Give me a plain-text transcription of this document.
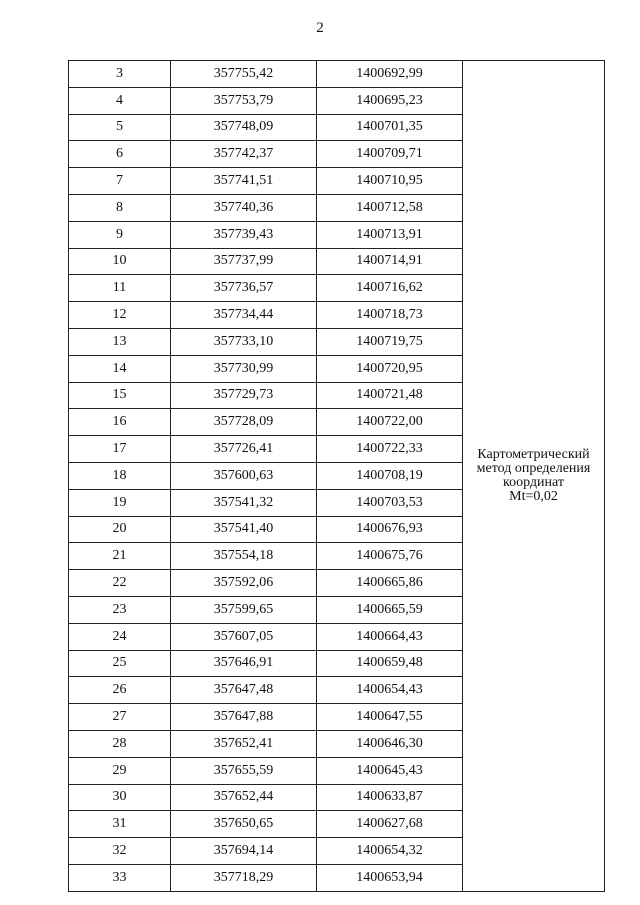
2
3	357755,42	1400692,99	Картометрический
метод определения
координат
Mt=0,02

4	357753,79	1400695,23	
5	357748,09	1400701,35	
6	357742,37	1400709,71	
7	357741,51	1400710,95	
8	357740,36	1400712,58	
9	357739,43	1400713,91	
10	357737,99	1400714,91	
11	357736,57	1400716,62	
12	357734,44	1400718,73	
13	357733,10	1400719,75	
14	357730,99	1400720,95	
15	357729,73	1400721,48	
16	357728,09	1400722,00	
17	357726,41	1400722,33	
18	357600,63	1400708,19	
19	357541,32	1400703,53	
20	357541,40	1400676,93	
21	357554,18	1400675,76	
22	357592,06	1400665,86	
23	357599,65	1400665,59	
24	357607,05	1400664,43	
25	357646,91	1400659,48	
26	357647,48	1400654,43	
27	357647,88	1400647,55	
28	357652,41	1400646,30	
29	357655,59	1400645,43	
30	357652,44	1400633,87	
31	357650,65	1400627,68	
32	357694,14	1400654,32	
33	357718,29	1400653,94	
